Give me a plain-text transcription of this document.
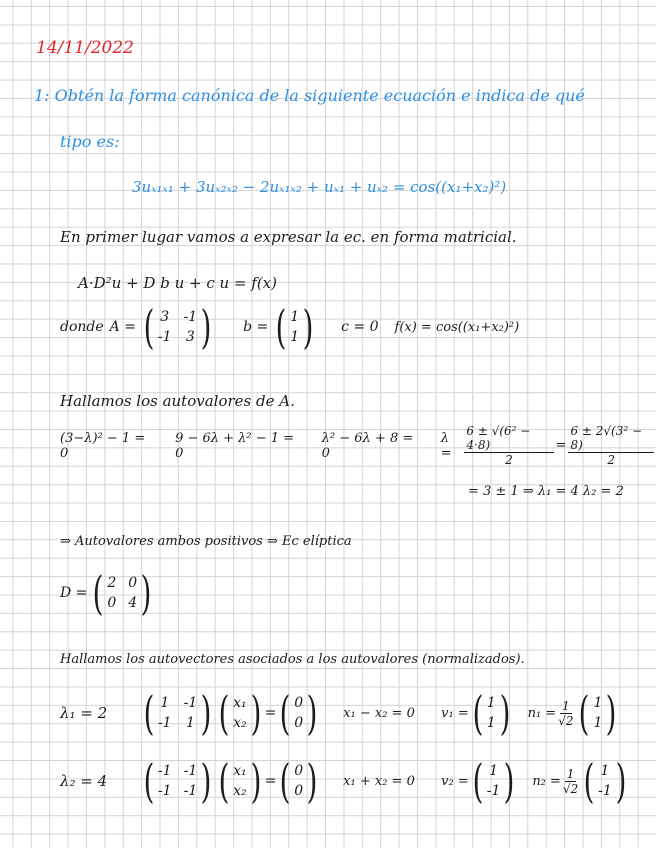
14/11/2022
1: Obtén la forma canónica de la siguiente ecuación e indica de qué
tipo es:
3uₓ₁ₓ₁ + 3uₓ₂ₓ₂ − 2uₓ₁ₓ₂ + uₓ₁ + uₓ₂ = cos((x₁+x₂)²)
En primer lugar vamos a expresar la ec. en forma matricial.
A·D²u + D b u + c u = f(x)
donde A = ( 3 -1
-1 3 ) b = ( 1
1 ) c = 0 f(x) = cos((x₁+x₂)²)
Hallamos los autovalores de A.
(3−λ)² − 1 = 0
9 − 6λ + λ² − 1 = 0
λ² − 6λ + 8 = 0
λ =	$\frac{\text{6 ± √(6² − 4·8)}}{2} = \frac{\text{6 ± 2√(3² − 8)}}{2}$
= 3 ± 1 ⇒ λ₁ = 4 λ₂ = 2
⇒ Autovalores ambos positivos ⇒ Ec elíptica
D = ( 2 0
0 4 )
Hallamos los autovectores asociados a los autovalores (normalizados).
λ₁ = 2 ( 1 -1
-1 1 ) ( x₁
x₂ ) = ( 0
0 ) x₁ − x₂ = 0	v₁ = ( 1
1 ) $n_1 = \frac{1}{√2}$ ( 1
1 )
λ₂ = 4 ( -1 -1
-1 -1 ) ( x₁
x₂ ) = ( 0
0 ) x₁ + x₂ = 0	v₂ = ( 1
-1 ) $n_2 = \frac{1}{√2}$ ( 1
-1 )
